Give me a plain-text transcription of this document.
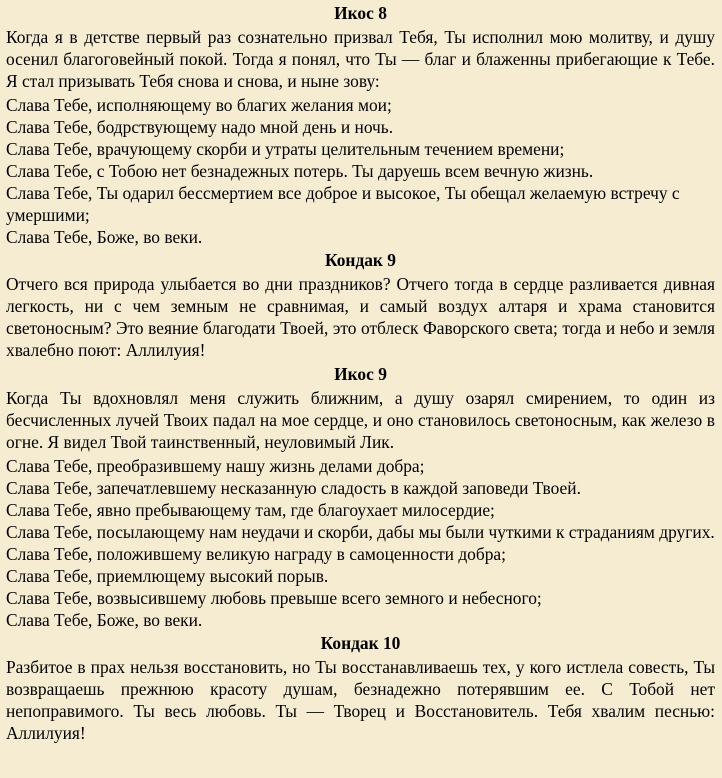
Икос 8

Когда я в детстве первый раз сознательно призвал Тебя, Ты исполнил мою молитву, и душу осенил благоговейный покой. Тогда я понял, что Ты — благ и блаженны прибегающие к Тебе. Я стал призывать Тебя снова и снова, и ныне зову:

Слава Тебе, исполняющему во благих желания мои;

Слава Тебе, бодрствующему надо мной день и ночь.

Слава Тебе, врачующему скорби и утраты целительным течением времени;

Слава Тебе, с Тобою нет безнадежных потерь. Ты даруешь всем вечную жизнь.

Слава Тебе, Ты одарил бессмертием все доброе и высокое, Ты обещал желаемую встречу с умершими;

Слава Тебе, Боже, во веки.

Кондак 9

Отчего вся природа улыбается во дни праздников? Отчего тогда в сердце разливается дивная легкость, ни с чем земным не сравнимая, и самый воздух алтаря и храма становится светоносным? Это веяние благодати Твоей, это отблеск Фаворского света; тогда и небо и земля хвалебно поют: Аллилуия!

Икос 9

Когда Ты вдохновлял меня служить ближним, а душу озарял смирением, то один из бесчисленных лучей Твоих падал на мое сердце, и оно становилось светоносным, как железо в огне. Я видел Твой таинственный, неуловимый Лик.

Слава Тебе, преобразившему нашу жизнь делами добра;

Слава Тебе, запечатлевшему несказанную сладость в каждой заповеди Твоей.

Слава Тебе, явно пребывающему там, где благоухает милосердие;

Слава Тебе, посылающему нам неудачи и скорби, дабы мы были чуткими к страданиям других.

Слава Тебе, положившему великую награду в самоценности добра;

Слава Тебе, приемлющему высокий порыв.

Слава Тебе, возвысившему любовь превыше всего земного и небесного;

Слава Тебе, Боже, во веки.

Кондак 10

Разбитое в прах нельзя восстановить, но Ты восстанавливаешь тех, у кого истлела совесть, Ты возвращаешь прежнюю красоту душам, безнадежно потерявшим ее. С Тобой нет непоправимого. Ты весь любовь. Ты — Творец и Восстановитель. Тебя хвалим песнью: Аллилуия!
